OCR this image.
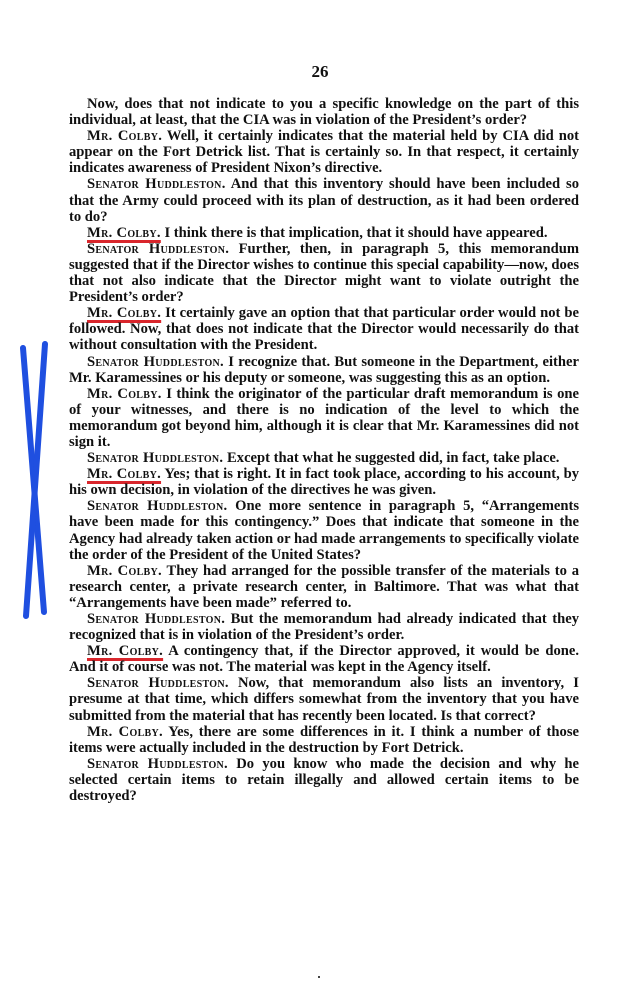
26

Now, does that not indicate to you a specific knowledge on the part of this individual, at least, that the CIA was in violation of the President’s order?

Mr. Colby. Well, it certainly indicates that the material held by CIA did not appear on the Fort Detrick list. That is certainly so. In that respect, it certainly indicates awareness of President Nixon’s directive.

Senator Huddleston. And that this inventory should have been included so that the Army could proceed with its plan of destruction, as it had been ordered to do?

Mr. Colby. I think there is that implication, that it should have appeared.

Senator Huddleston. Further, then, in paragraph 5, this memorandum suggested that if the Director wishes to continue this special capability—now, does that not also indicate that the Director might want to violate outright the President’s order?

Mr. Colby. It certainly gave an option that that particular order would not be followed. Now, that does not indicate that the Director would necessarily do that without consultation with the President.

Senator Huddleston. I recognize that. But someone in the Department, either Mr. Karamessines or his deputy or someone, was suggesting this as an option.

Mr. Colby. I think the originator of the particular draft memorandum is one of your witnesses, and there is no indication of the level to which the memorandum got beyond him, although it is clear that Mr. Karamessines did not sign it.

Senator Huddleston. Except that what he suggested did, in fact, take place.

Mr. Colby. Yes; that is right. It in fact took place, according to his account, by his own decision, in violation of the directives he was given.

Senator Huddleston. One more sentence in paragraph 5, “Arrangements have been made for this contingency.” Does that indicate that someone in the Agency had already taken action or had made arrangements to specifically violate the order of the President of the United States?

Mr. Colby. They had arranged for the possible transfer of the materials to a research center, a private research center, in Baltimore. That was what that “Arrangements have been made” referred to.

Senator Huddleston. But the memorandum had already indicated that they recognized that is in violation of the President’s order.

Mr. Colby. A contingency that, if the Director approved, it would be done. And it of course was not. The material was kept in the Agency itself.

Senator Huddleston. Now, that memorandum also lists an inventory, I presume at that time, which differs somewhat from the inventory that you have submitted from the material that has recently been located. Is that correct?

Mr. Colby. Yes, there are some differences in it. I think a number of those items were actually included in the destruction by Fort Detrick.

Senator Huddleston. Do you know who made the decision and why he selected certain items to retain illegally and allowed certain items to be destroyed?
